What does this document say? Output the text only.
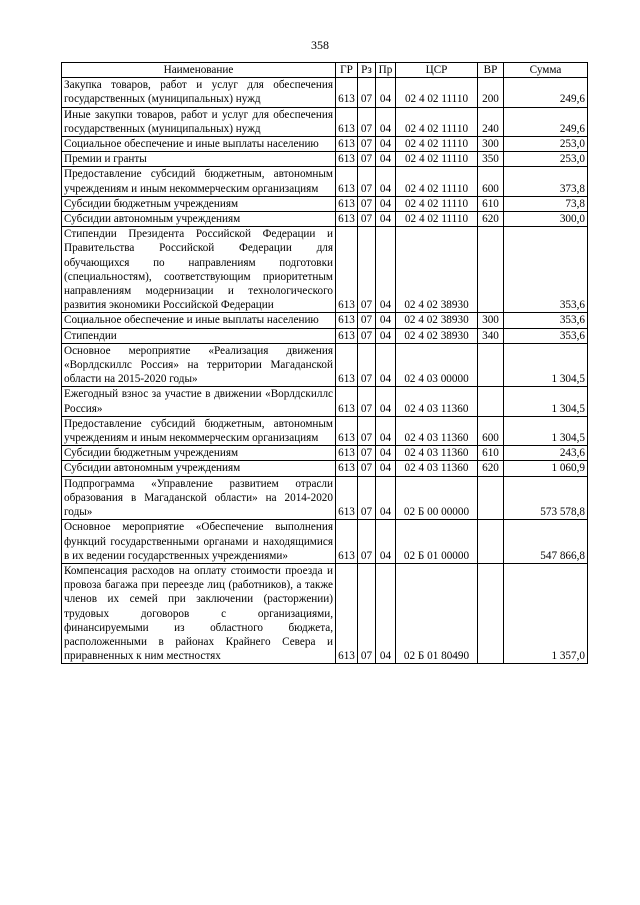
358
Наименование	ГР	Рз	Пр	ЦСР	ВР	Сумма
Закупка товаров, работ и услуг для обеспечения государственных (муниципальных) нужд	613	07	04	02 4 02 11110	200	249,6
Иные закупки товаров, работ и услуг для обеспечения государственных (муниципальных) нужд	613	07	04	02 4 02 11110	240	249,6
Социальное обеспечение и иные выплаты населению	613	07	04	02 4 02 11110	300	253,0
Премии и гранты	613	07	04	02 4 02 11110	350	253,0
Предоставление субсидий бюджетным, автономным учреждениям и иным некоммерческим организациям	613	07	04	02 4 02 11110	600	373,8
Субсидии бюджетным учреждениям	613	07	04	02 4 02 11110	610	73,8
Субсидии автономным учреждениям	613	07	04	02 4 02 11110	620	300,0
Стипендии Президента Российской Федерации и Правительства Российской Федерации для обучающихся по направлениям подготовки (специальностям), соответствующим приоритетным направлениям модернизации и технологического развития экономики Российской Федерации	613	07	04	02 4 02 38930		353,6
Социальное обеспечение и иные выплаты населению	613	07	04	02 4 02 38930	300	353,6
Стипендии	613	07	04	02 4 02 38930	340	353,6
Основное мероприятие «Реализация движения «Ворлдскиллс Россия» на территории Магаданской области на 2015-2020 годы»	613	07	04	02 4 03 00000		1 304,5
Ежегодный взнос за участие в движении «Ворлдскиллс Россия»	613	07	04	02 4 03 11360		1 304,5
Предоставление субсидий бюджетным, автономным учреждениям и иным некоммерческим организациям	613	07	04	02 4 03 11360	600	1 304,5
Субсидии бюджетным учреждениям	613	07	04	02 4 03 11360	610	243,6
Субсидии автономным учреждениям	613	07	04	02 4 03 11360	620	1 060,9
Подпрограмма «Управление развитием отрасли образования в Магаданской области» на 2014-2020 годы»	613	07	04	02 Б 00 00000		573 578,8
Основное мероприятие «Обеспечение выполнения функций государственными органами и находящимися в их ведении государственных учреждениями»	613	07	04	02 Б 01 00000		547 866,8
Компенсация расходов на оплату стоимости проезда и провоза багажа при переезде лиц (работников), а также членов их семей при заключении (расторжении) трудовых договоров с организациями, финансируемыми из областного бюджета, расположенными в районах Крайнего Севера и приравненных к ним местностях	613	07	04	02 Б 01 80490		1 357,0
